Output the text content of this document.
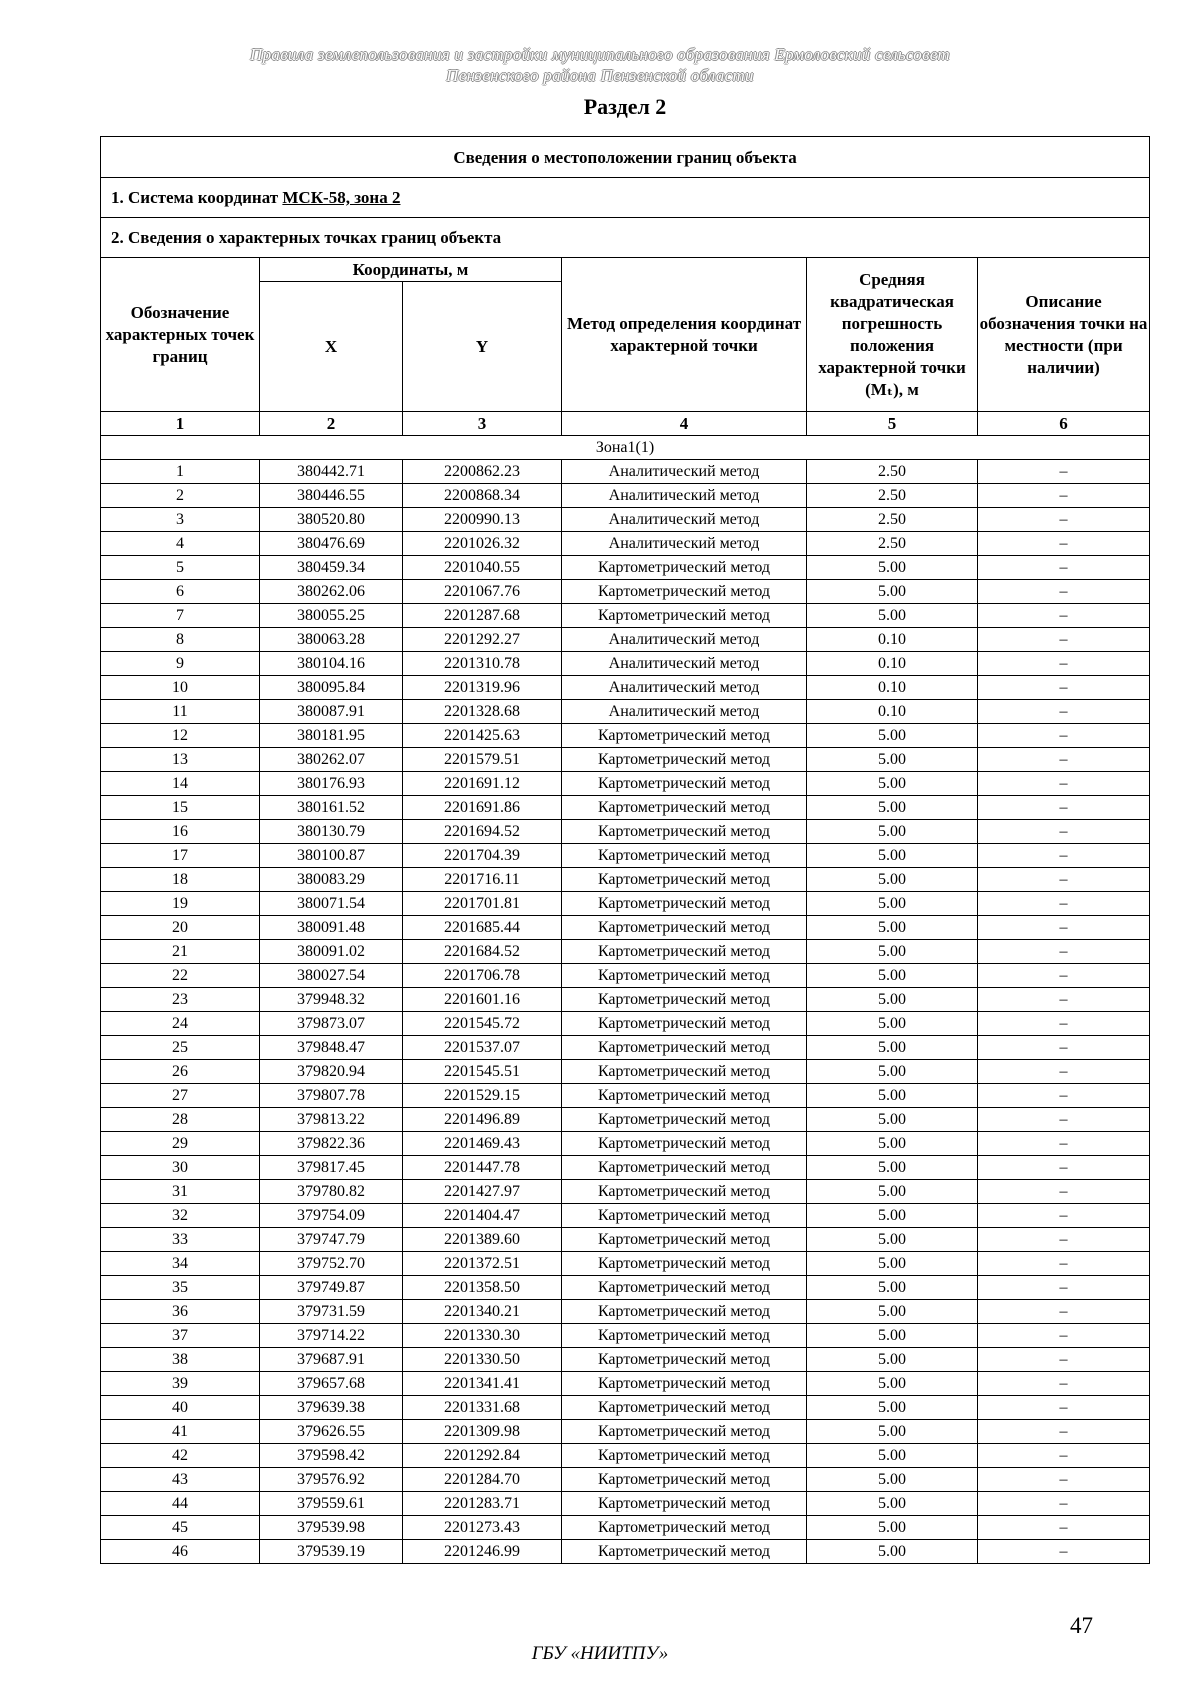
Правила землепользования и застройки муниципального образования Ермоловский сельсовет
Пензенского района Пензенской области
Раздел 2
Сведения о местоположении границ объекта					
1. Система координат МСК-58, зона 2					
2. Сведения о характерных точках границ объекта					
Обозначение характерных точек границ	Координаты, м		Метод определения координат характерной точки	Средняя квадратическая погрешность положения характерной точки (Mₜ), м	Описание обозначения точки на местности (при наличии)
	X	Y			
1	2	3	4	5	6
Зона1(1)					
1	380442.71	2200862.23	Аналитический метод	2.50	–
2	380446.55	2200868.34	Аналитический метод	2.50	–
3	380520.80	2200990.13	Аналитический метод	2.50	–
4	380476.69	2201026.32	Аналитический метод	2.50	–
5	380459.34	2201040.55	Картометрический метод	5.00	–
6	380262.06	2201067.76	Картометрический метод	5.00	–
7	380055.25	2201287.68	Картометрический метод	5.00	–
8	380063.28	2201292.27	Аналитический метод	0.10	–
9	380104.16	2201310.78	Аналитический метод	0.10	–
10	380095.84	2201319.96	Аналитический метод	0.10	–
11	380087.91	2201328.68	Аналитический метод	0.10	–
12	380181.95	2201425.63	Картометрический метод	5.00	–
13	380262.07	2201579.51	Картометрический метод	5.00	–
14	380176.93	2201691.12	Картометрический метод	5.00	–
15	380161.52	2201691.86	Картометрический метод	5.00	–
16	380130.79	2201694.52	Картометрический метод	5.00	–
17	380100.87	2201704.39	Картометрический метод	5.00	–
18	380083.29	2201716.11	Картометрический метод	5.00	–
19	380071.54	2201701.81	Картометрический метод	5.00	–
20	380091.48	2201685.44	Картометрический метод	5.00	–
21	380091.02	2201684.52	Картометрический метод	5.00	–
22	380027.54	2201706.78	Картометрический метод	5.00	–
23	379948.32	2201601.16	Картометрический метод	5.00	–
24	379873.07	2201545.72	Картометрический метод	5.00	–
25	379848.47	2201537.07	Картометрический метод	5.00	–
26	379820.94	2201545.51	Картометрический метод	5.00	–
27	379807.78	2201529.15	Картометрический метод	5.00	–
28	379813.22	2201496.89	Картометрический метод	5.00	–
29	379822.36	2201469.43	Картометрический метод	5.00	–
30	379817.45	2201447.78	Картометрический метод	5.00	–
31	379780.82	2201427.97	Картометрический метод	5.00	–
32	379754.09	2201404.47	Картометрический метод	5.00	–
33	379747.79	2201389.60	Картометрический метод	5.00	–
34	379752.70	2201372.51	Картометрический метод	5.00	–
35	379749.87	2201358.50	Картометрический метод	5.00	–
36	379731.59	2201340.21	Картометрический метод	5.00	–
37	379714.22	2201330.30	Картометрический метод	5.00	–
38	379687.91	2201330.50	Картометрический метод	5.00	–
39	379657.68	2201341.41	Картометрический метод	5.00	–
40	379639.38	2201331.68	Картометрический метод	5.00	–
41	379626.55	2201309.98	Картометрический метод	5.00	–
42	379598.42	2201292.84	Картометрический метод	5.00	–
43	379576.92	2201284.70	Картометрический метод	5.00	–
44	379559.61	2201283.71	Картометрический метод	5.00	–
45	379539.98	2201273.43	Картометрический метод	5.00	–
46	379539.19	2201246.99	Картометрический метод	5.00	–
47
ГБУ «НИИТПУ»
